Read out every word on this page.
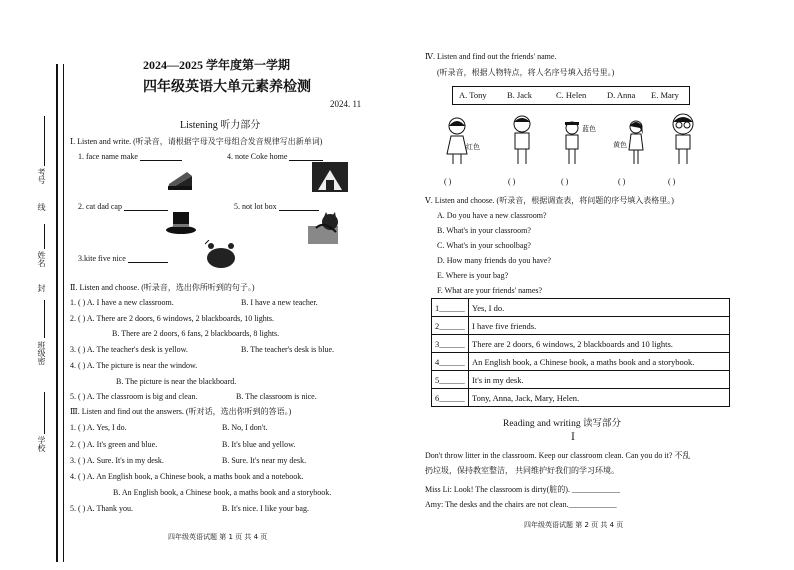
考号
线
姓名
封
班级
密
学校
2024—2025 学年度第一学期
四年级英语大单元素养检测
2024. 11
Listening 听力部分
Ⅰ. Listen and write. (听录音，请根据字母及字母组合发音规律写出新单词)
1. face name make	4. note Coke home
2. cat dad cap	5. not lot box
3.kite five nice
Ⅱ. Listen and choose. (听录音，选出你所听到的句子。)
1. ( ) A. I have a new classroom.	B. I have a new teacher.
2. ( ) A. There are 2 doors, 6 windows, 2 blackboards, 10 lights.
B. There are 2 doors, 6 fans, 2 blackboards, 8 lights.
3. ( ) A. The teacher's desk is yellow.	B. The teacher's desk is blue.
4. ( ) A. The picture is near the window.
B. The picture is near the blackboard.
5. ( ) A. The classroom is big and clean.	B. The classroom is nice.
Ⅲ. Listen and find out the answers. (听对话，选出你听到的答语。)
1. ( ) A. Yes, I do.	B. No, I don't.
2. ( ) A. It's green and blue.	B. It's blue and yellow.
3. ( ) A. Sure. It's in my desk.	B. Sure. It's near my desk.
4. ( ) A. An English book, a Chinese book, a maths book and a notebook.
B. An English book, a Chinese book, a maths book and a storybook.
5. ( ) A. Thank you.	B. It's nice. I like your bag.
四年级英语试题 第 1 页 共 4 页
Ⅳ. Listen and find out the friends' name.
(听录音，根据人物特点，将人名序号填入括号里。)
A. Tony B. Jack	C. Helen D. Anna E. Mary
红色
蓝色
黄色
( )	( )	( )	( )	( )
Ⅴ. Listen and choose. (听录音，根据调查表，将问题的序号填入表格里。)
A. Do you have a new classroom?
B. What's in your classroom?
C. What's in your schoolbag?
D. How many friends do you have?
E. Where is your bag?
F. What are your friends' names?
1______	Yes, I do.
2______	I have five friends.
3______	There are 2 doors, 6 windows, 2 blackboards and 10 lights.
4______	An English book, a Chinese book, a maths book and a storybook.
5______	It's in my desk.
6______	Tony, Anna, Jack, Mary, Helen.
Reading and writing 读写部分
Ⅰ
Don't throw litter in the classroom. Keep our classroom clean. Can you do it? 不乱
扔垃圾，保持教室整洁， 共同维护好我们的学习环境。
Miss Li: Look! The classroom is dirty(脏的). ____________
Amy: The desks and the chairs are not clean.____________
四年级英语试题 第 2 页 共 4 页
